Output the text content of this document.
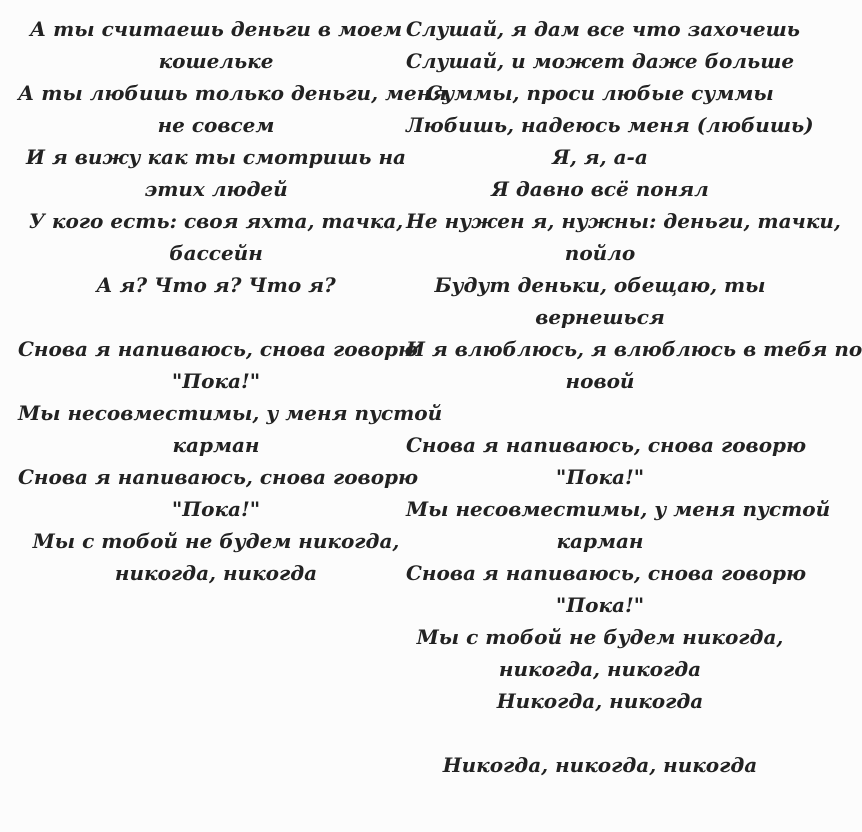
А ты считаешь деньги в моем
кошельке
А ты любишь только деньги, меня
не совсем
И я вижу как ты смотришь на
этих людей
У кого есть: своя яхта, тачка,
бассейн
А я? Что я? Что я?
Снова я напиваюсь, снова говорю
"Пока!"
Мы несовместимы, у меня пустой
карман
Снова я напиваюсь, снова говорю
"Пока!"
Мы с тобой не будем никогда,
никогда, никогда
Слушай, я дам все что захочешь
Слушай, и может даже больше
Суммы, проси любые суммы
Любишь, надеюсь меня (любишь)
Я, я, а-а
Я давно всё понял
Не нужен я, нужны: деньги, тачки,
пойло
Будут деньки, обещаю, ты
вернешься
И я влюблюсь, я влюблюсь в тебя по
новой
Снова я напиваюсь, снова говорю
"Пока!"
Мы несовместимы, у меня пустой
карман
Снова я напиваюсь, снова говорю
"Пока!"
Мы с тобой не будем никогда,
никогда, никогда
Никогда, никогда
Никогда, никогда, никогда
